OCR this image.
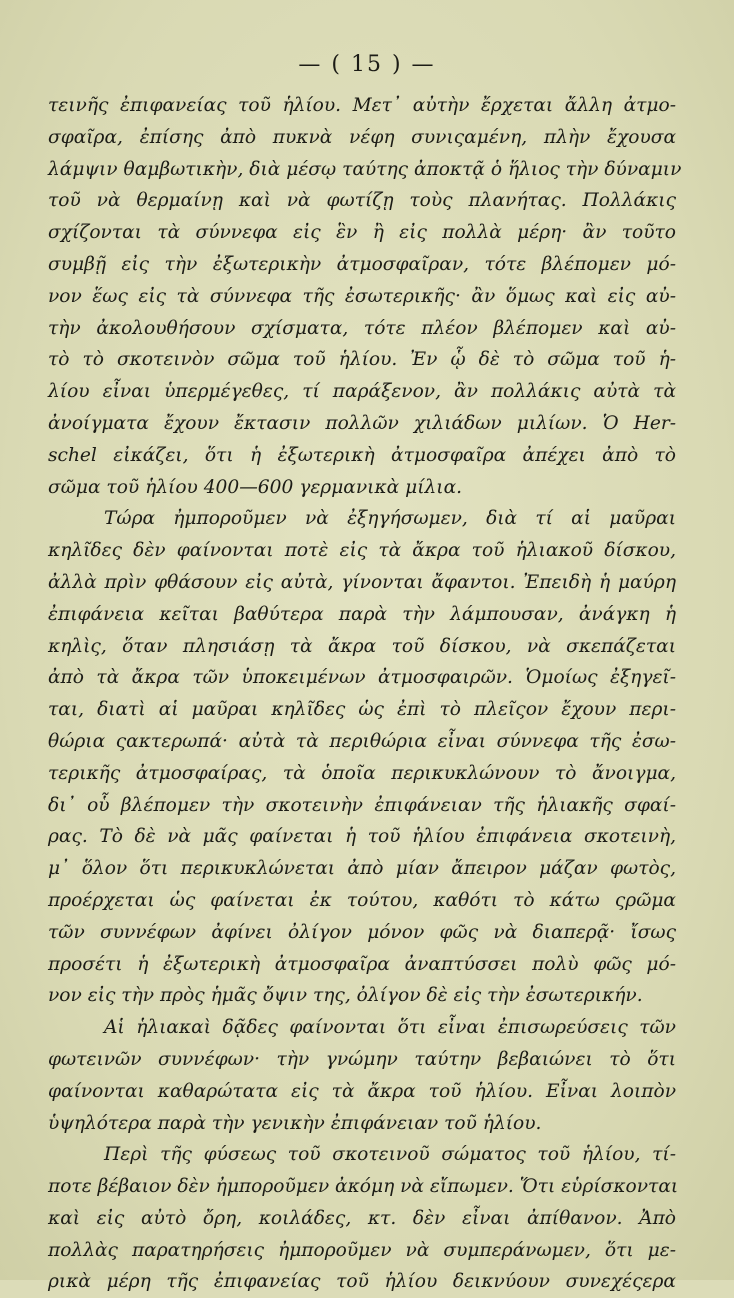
— ( 15 ) —
τεινῆς ἐπιφανείας τοῦ ἡλίου. Μετ᾽ αὐτὴν ἔρχεται ἄλλη ἀτμο-
σφαῖρα, ἐπίσης ἀπὸ πυκνὰ νέφη συνιςαμένη, πλὴν ἔχουσα
λάμψιν θαμβωτικὴν, διὰ μέσῳ ταύτης ἀποκτᾷ ὁ ἥλιος τὴν δύναμιν
τοῦ νὰ θερμαίνῃ καὶ νὰ φωτίζῃ τοὺς πλανήτας. Πολλάκις
σχίζονται τὰ σύννεφα εἰς ἓν ἢ εἰς πολλὰ μέρη· ἂν τοῦτο
συμβῇ εἰς τὴν ἐξωτερικὴν ἀτμοσφαῖραν, τότε βλέπομεν μό-
νον ἕως εἰς τὰ σύννεφα τῆς ἐσωτερικῆς· ἂν ὅμως καὶ εἰς αὐ-
τὴν ἀκολουθήσουν σχίσματα, τότε πλέον βλέπομεν καὶ αὐ-
τὸ τὸ σκοτεινὸν σῶμα τοῦ ἡλίου. Ἐν ᾧ δὲ τὸ σῶμα τοῦ ἡ-
λίου εἶναι ὑπερμέγεθες, τί παράξενον, ἂν πολλάκις αὐτὰ τὰ
ἀνοίγματα ἔχουν ἔκτασιν πολλῶν χιλιάδων μιλίων. Ὁ Her-
schel εἰκάζει, ὅτι ἡ ἐξωτερικὴ ἀτμοσφαῖρα ἀπέχει ἀπὸ τὸ
σῶμα τοῦ ἡλίου 400—600 γερμανικὰ μίλια.
Τώρα ἠμποροῦμεν νὰ ἐξηγήσωμεν, διὰ τί αἱ μαῦραι
κηλῖδες δὲν φαίνονται ποτὲ εἰς τὰ ἄκρα τοῦ ἡλιακοῦ δίσκου,
ἀλλὰ πρὶν φθάσουν εἰς αὐτὰ, γίνονται ἄφαντοι. Ἐπειδὴ ἡ μαύρη
ἐπιφάνεια κεῖται βαθύτερα παρὰ τὴν λάμπουσαν, ἀνάγκη ἡ
κηλὶς, ὅταν πλησιάσῃ τὰ ἄκρα τοῦ δίσκου, νὰ σκεπάζεται
ἀπὸ τὰ ἄκρα τῶν ὑποκειμένων ἀτμοσφαιρῶν. Ὁμοίως ἐξηγεῖ-
ται, διατὶ αἱ μαῦραι κηλῖδες ὡς ἐπὶ τὸ πλεῖςον ἔχουν περι-
θώρια ςακτερωπά· αὐτὰ τὰ περιθώρια εἶναι σύννεφα τῆς ἐσω-
τερικῆς ἀτμοσφαίρας, τὰ ὁποῖα περικυκλώνουν τὸ ἄνοιγμα,
δι᾽ οὗ βλέπομεν τὴν σκοτεινὴν ἐπιφάνειαν τῆς ἡλιακῆς σφαί-
ρας. Τὸ δὲ νὰ μᾶς φαίνεται ἡ τοῦ ἡλίου ἐπιφάνεια σκοτεινὴ,
μ᾽ ὅλον ὅτι περικυκλώνεται ἀπὸ μίαν ἄπειρον μάζαν φωτὸς,
προέρχεται ὡς φαίνεται ἐκ τούτου, καθότι τὸ κάτω ςρῶμα
τῶν συννέφων ἀφίνει ὀλίγον μόνον φῶς νὰ διαπερᾷ· ἴσως
προσέτι ἡ ἐξωτερικὴ ἀτμοσφαῖρα ἀναπτύσσει πολὺ φῶς μό-
νον εἰς τὴν πρὸς ἡμᾶς ὄψιν της, ὀλίγον δὲ εἰς τὴν ἐσωτερικήν.
Αἱ ἡλιακαὶ δᾷδες φαίνονται ὅτι εἶναι ἐπισωρεύσεις τῶν
φωτεινῶν συννέφων· τὴν γνώμην ταύτην βεβαιώνει τὸ ὅτι
φαίνονται καθαρώτατα εἰς τὰ ἄκρα τοῦ ἡλίου. Εἶναι λοιπὸν
ὑψηλότερα παρὰ τὴν γενικὴν ἐπιφάνειαν τοῦ ἡλίου.
Περὶ τῆς φύσεως τοῦ σκοτεινοῦ σώματος τοῦ ἡλίου, τί-
ποτε βέβαιον δὲν ἠμποροῦμεν ἀκόμη νὰ εἴπωμεν. Ὅτι εὑρίσκονται
καὶ εἰς αὐτὸ ὄρη, κοιλάδες, κτ. δὲν εἶναι ἀπίθανον. Ἀπὸ
πολλὰς παρατηρήσεις ἠμποροῦμεν νὰ συμπεράνωμεν, ὅτι με-
ρικὰ μέρη τῆς ἐπιφανείας τοῦ ἡλίου δεικνύουν συνεχέςερα
